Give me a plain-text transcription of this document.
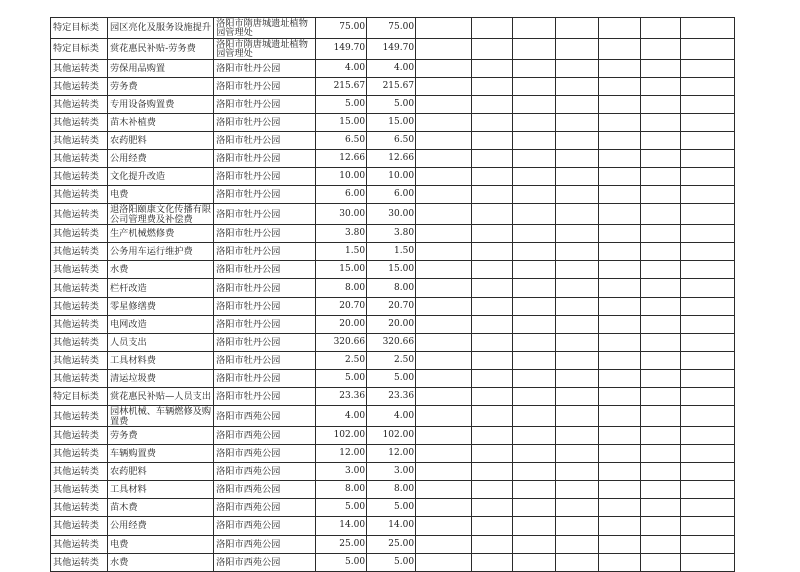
特定目标类	园区亮化及服务设施提升	洛阳市隋唐城遗址植物园管理处	75.00	75.00							
特定目标类	赏花惠民补贴-劳务费	洛阳市隋唐城遗址植物园管理处	149.70	149.70							
其他运转类	劳保用品购置	洛阳市牡丹公园	4.00	4.00							
其他运转类	劳务费	洛阳市牡丹公园	215.67	215.67							
其他运转类	专用设备购置费	洛阳市牡丹公园	5.00	5.00							
其他运转类	苗木补植费	洛阳市牡丹公园	15.00	15.00							
其他运转类	农药肥料	洛阳市牡丹公园	6.50	6.50							
其他运转类	公用经费	洛阳市牡丹公园	12.66	12.66							
其他运转类	文化提升改造	洛阳市牡丹公园	10.00	10.00							
其他运转类	电费	洛阳市牡丹公园	6.00	6.00							
其他运转类	退洛阳颐康文化传播有限公司管理费及补偿费	洛阳市牡丹公园	30.00	30.00							
其他运转类	生产机械燃修费	洛阳市牡丹公园	3.80	3.80							
其他运转类	公务用车运行维护费	洛阳市牡丹公园	1.50	1.50							
其他运转类	水费	洛阳市牡丹公园	15.00	15.00							
其他运转类	栏杆改造	洛阳市牡丹公园	8.00	8.00							
其他运转类	零星修缮费	洛阳市牡丹公园	20.70	20.70							
其他运转类	电网改造	洛阳市牡丹公园	20.00	20.00							
其他运转类	人员支出	洛阳市牡丹公园	320.66	320.66							
其他运转类	工具材料费	洛阳市牡丹公园	2.50	2.50							
其他运转类	清运垃圾费	洛阳市牡丹公园	5.00	5.00							
特定目标类	赏花惠民补贴—人员支出	洛阳市牡丹公园	23.36	23.36							
其他运转类	园林机械、车辆燃修及购置费	洛阳市西苑公园	4.00	4.00							
其他运转类	劳务费	洛阳市西苑公园	102.00	102.00							
其他运转类	车辆购置费	洛阳市西苑公园	12.00	12.00							
其他运转类	农药肥料	洛阳市西苑公园	3.00	3.00							
其他运转类	工具材料	洛阳市西苑公园	8.00	8.00							
其他运转类	苗木费	洛阳市西苑公园	5.00	5.00							
其他运转类	公用经费	洛阳市西苑公园	14.00	14.00							
其他运转类	电费	洛阳市西苑公园	25.00	25.00							
其他运转类	水费	洛阳市西苑公园	5.00	5.00							
